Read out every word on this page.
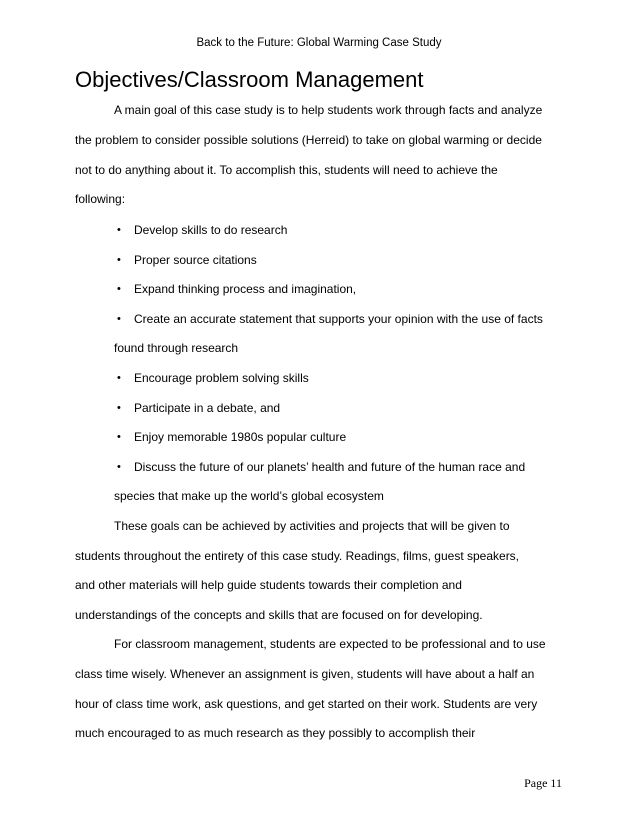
Back to the Future: Global Warming Case Study
Objectives/Classroom Management
A main goal of this case study is to help students work through facts and analyze
the problem to consider possible solutions (Herreid) to take on global warming or decide
not to do anything about it. To accomplish this, students will need to achieve the
following:
• Develop skills to do research
• Proper source citations
• Expand thinking process and imagination,
• Create an accurate statement that supports your opinion with the use of facts
found through research
• Encourage problem solving skills
• Participate in a debate, and
• Enjoy memorable 1980s popular culture
• Discuss the future of our planets’ health and future of the human race and
species that make up the world’s global ecosystem
These goals can be achieved by activities and projects that will be given to
students throughout the entirety of this case study. Readings, films, guest speakers,
and other materials will help guide students towards their completion and
understandings of the concepts and skills that are focused on for developing.
For classroom management, students are expected to be professional and to use
class time wisely. Whenever an assignment is given, students will have about a half an
hour of class time work, ask questions, and get started on their work. Students are very
much encouraged to as much research as they possibly to accomplish their
Page 11
